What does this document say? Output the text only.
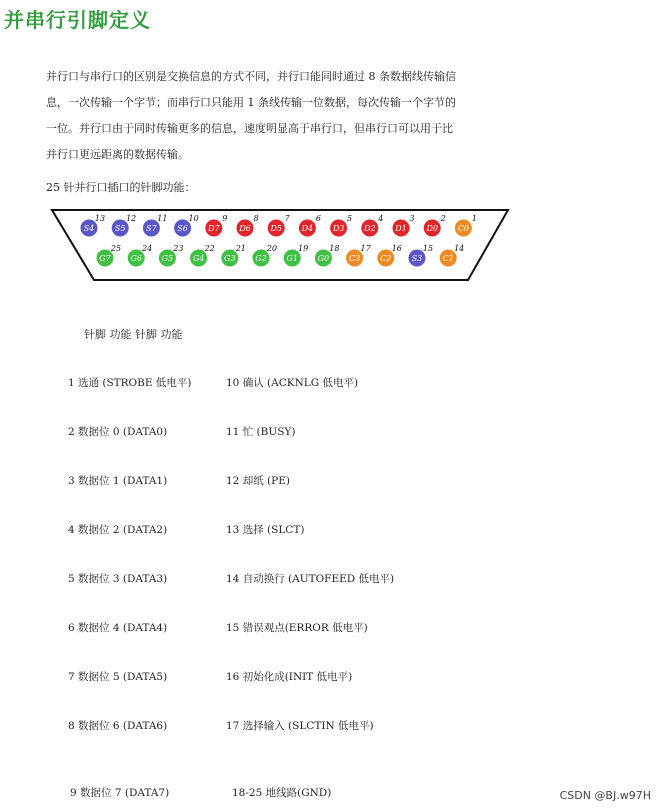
并串行引脚定义
并行口与串行口的区别是交换信息的方式不同，并行口能同时通过 8 条数据线传输信
息，一次传输一个字节；而串行口只能用 1 条线传输一位数据，每次传输一个字节的
一位。并行口由于同时传输更多的信息，速度明显高于串行口，但串行口可以用于比
并行口更远距离的数据传输。
25 针并行口插口的针脚功能：
S4
13
S5
12
S7
11
S6
10
D7
9
D6
8
D5
7
D4
6
D3
5
D2
4
D1
3
D0
2
C0
1
G7
25
G6
24
G5
23
G4
22
G3
21
G2
20
G1
19
G0
18
C3
17
C2
16
S3
15
C1
14
针脚 功能 针脚 功能
1 选通 (STROBE 低电平)	10 确认 (ACKNLG 低电平)
2 数据位 0 (DATA0)	11 忙 (BUSY)
3 数据位 1 (DATA1)	12 却纸 (PE)
4 数据位 2 (DATA2)	13 选择 (SLCT)
5 数据位 3 (DATA3)	14 自动换行 (AUTOFEED 低电平)
6 数据位 4 (DATA4)	15 错误观点(ERROR 低电平)
7 数据位 5 (DATA5)	16 初始化成(INIT 低电平)
8 数据位 6 (DATA6)	17 选择输入 (SLCTIN 低电平)
9 数据位 7 (DATA7)	18-25 地线路(GND)	CSDN @BJ.w97H
